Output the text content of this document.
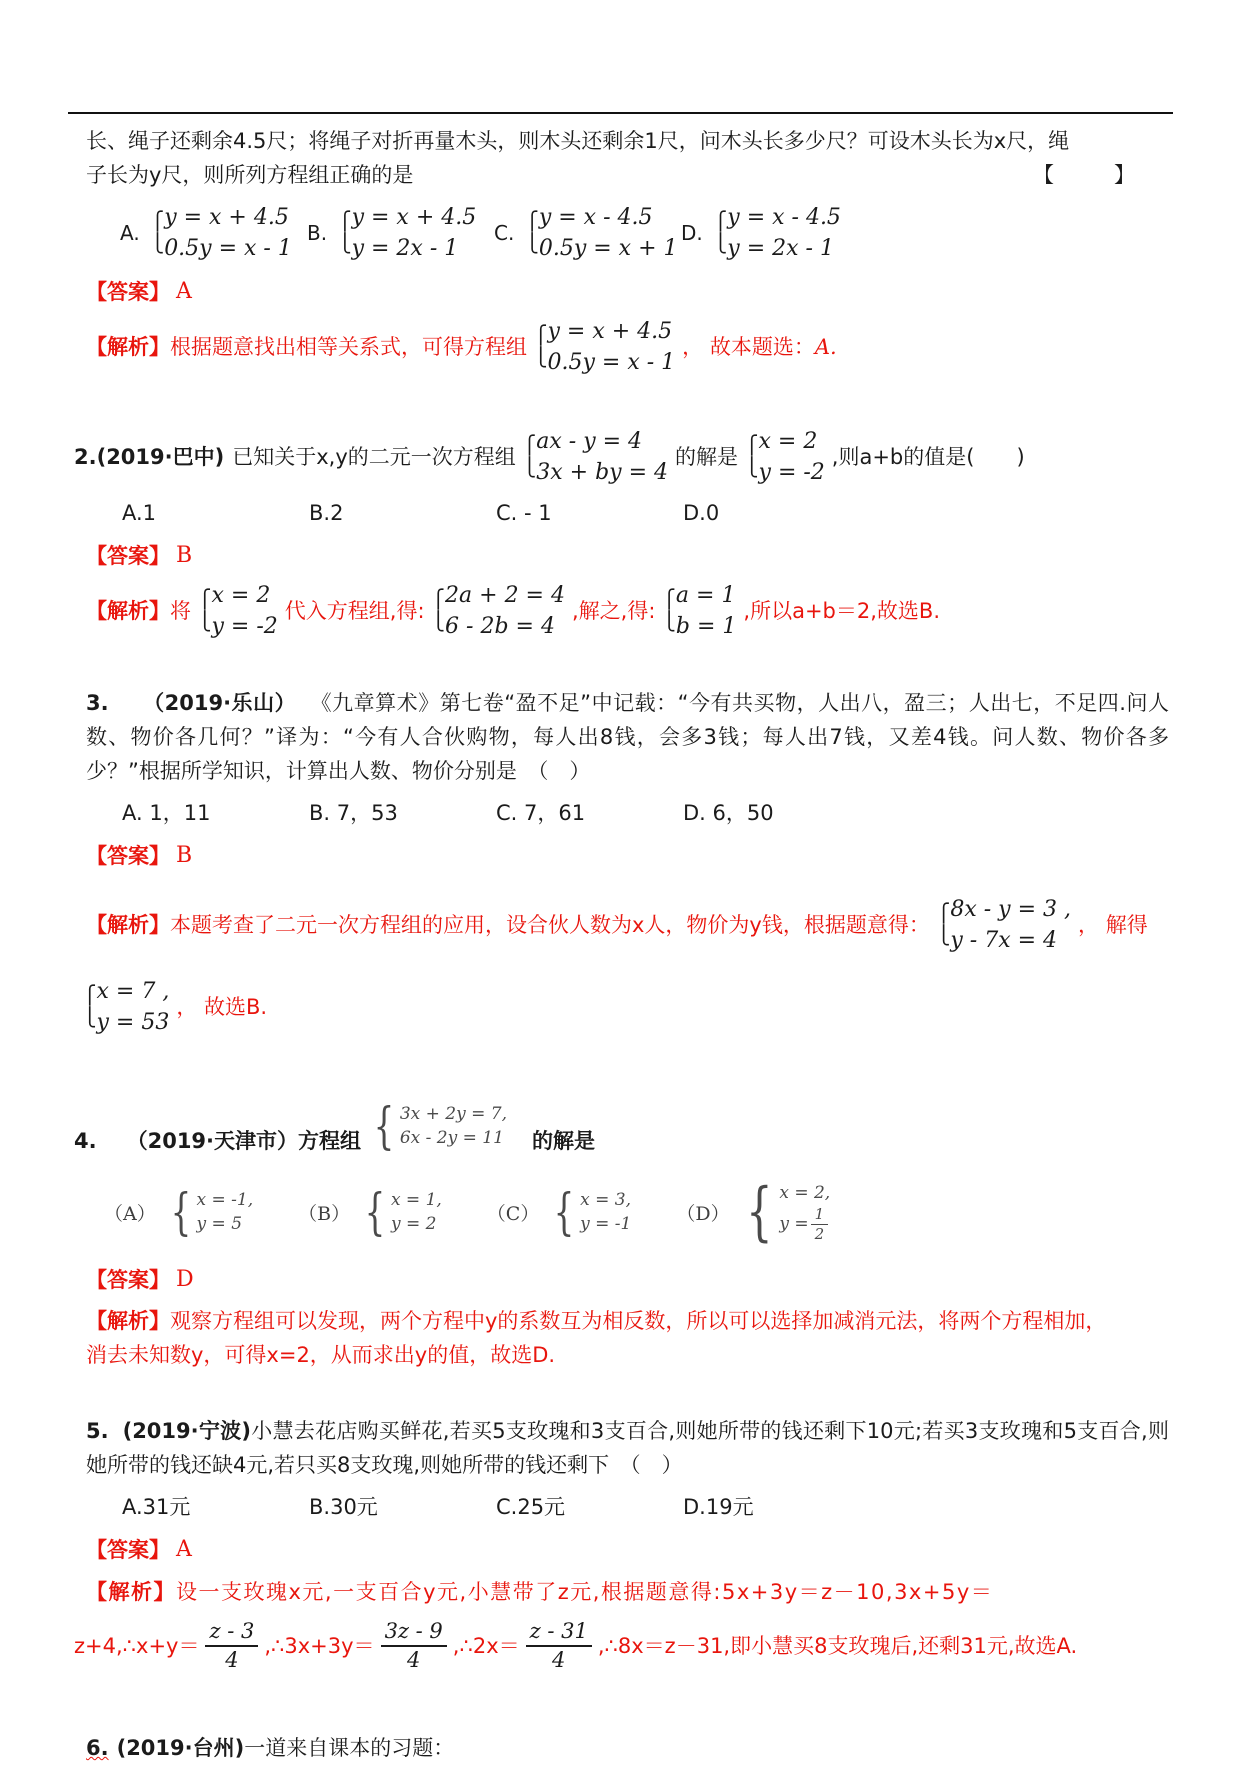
长、绳子还剩余4.5尺；将绳子对折再量木头，则木头还剩余1尺，问木头长多少尺？可设木头长为x尺，绳

子长为y尺，则所列方程组正确的是	【　　】
A. ⎧
⎩
y = x + 4.5
0.5y = x - 1
B. ⎧
⎩
y = x + 4.5
y = 2x - 1
C. ⎧
⎩
y = x - 4.5
0.5y = x + 1
D. ⎧
⎩
y = x - 4.5
y = 2x - 1
【答案】 A
【解析】 根据题意找出相等关系式，可得方程组 ⎧
⎩
y = x + 4.5
0.5y = x - 1
， 故本题选： A.
2. (2019·巴中) 已知关于x,y的二元一次方程组 ⎧
⎩
ax - y = 4
3x + by = 4
的解是 ⎧
⎩
x = 2
y = -2
,则a+b的值是(　　)
A.1	B.2	C. - 1	D.0
【答案】 B
【解析】 将 ⎧
⎩
x = 2
y = -2
代入方程组,得: ⎧
⎩
2a + 2 = 4
6 - 2b = 4
,解之,得: ⎧
⎩
a = 1
b = 1
,所以a+b＝2,故选B.

3. （2019·乐山） 《九章算术》第七卷“盈不足”中记载：“今有共买物，人出八，盈三；人出七，不足四.问人数、物价各几何？”译为：“今有人合伙购物，每人出8钱，会多3钱；每人出7钱，又差4钱。问人数、物价各多少？”根据所学知识，计算出人数、物价分别是　（　）

A. 1，11	B. 7，53	C. 7，61	D. 6，50
【答案】 B
【解析】 本题考查了二元一次方程组的应用，设合伙人数为x人，物价为y钱，根据题意得： ⎧
⎩
8x - y = 3 ,
y - 7x = 4
， 解得
⎧
⎩
x = 7 ,
y = 53
， 故选B.
4. （2019·天津市） 方程组 { 3x + 2y = 7,
6x - 2y = 11 的解是
（A） { x = -1,
y = 5	（B） { x = 1,
y = 2	（C） { x = 3,
y = -1 （D） { x = 2,
$y = \frac{1}{2}$
【答案】 D

【解析】观察方程组可以发现，两个方程中y的系数互为相反数，所以可以选择加减消元法，将两个方程相加，
消去未知数y，可得x=2，从而求出y的值，故选D.

5. (2019·宁波)小慧去花店购买鲜花,若买5支玫瑰和3支百合,则她所带的钱还剩下10元;若买3支玫瑰和5支百合,则她所带的钱还缺4元,若只买8支玫瑰,则她所带的钱还剩下　（　）

A.31元	B.30元	C.25元	D.19元
【答案】 A
【解析】 设一支玫瑰x元,一支百合y元,小慧带了z元,根据题意得:5x+3y＝z－10,3x+5y＝
z+4,∴x+y＝ $\frac{z - 3}{4}$ ,∴3x+3y＝ $\frac{3z - 9}{4}$ ,∴2x＝ $\frac{z - 31}{4}$ ,∴8x＝z－31,即小慧买8支玫瑰后,还剩31元,故选A.

6. (2019·台州)一道来自课本的习题：
